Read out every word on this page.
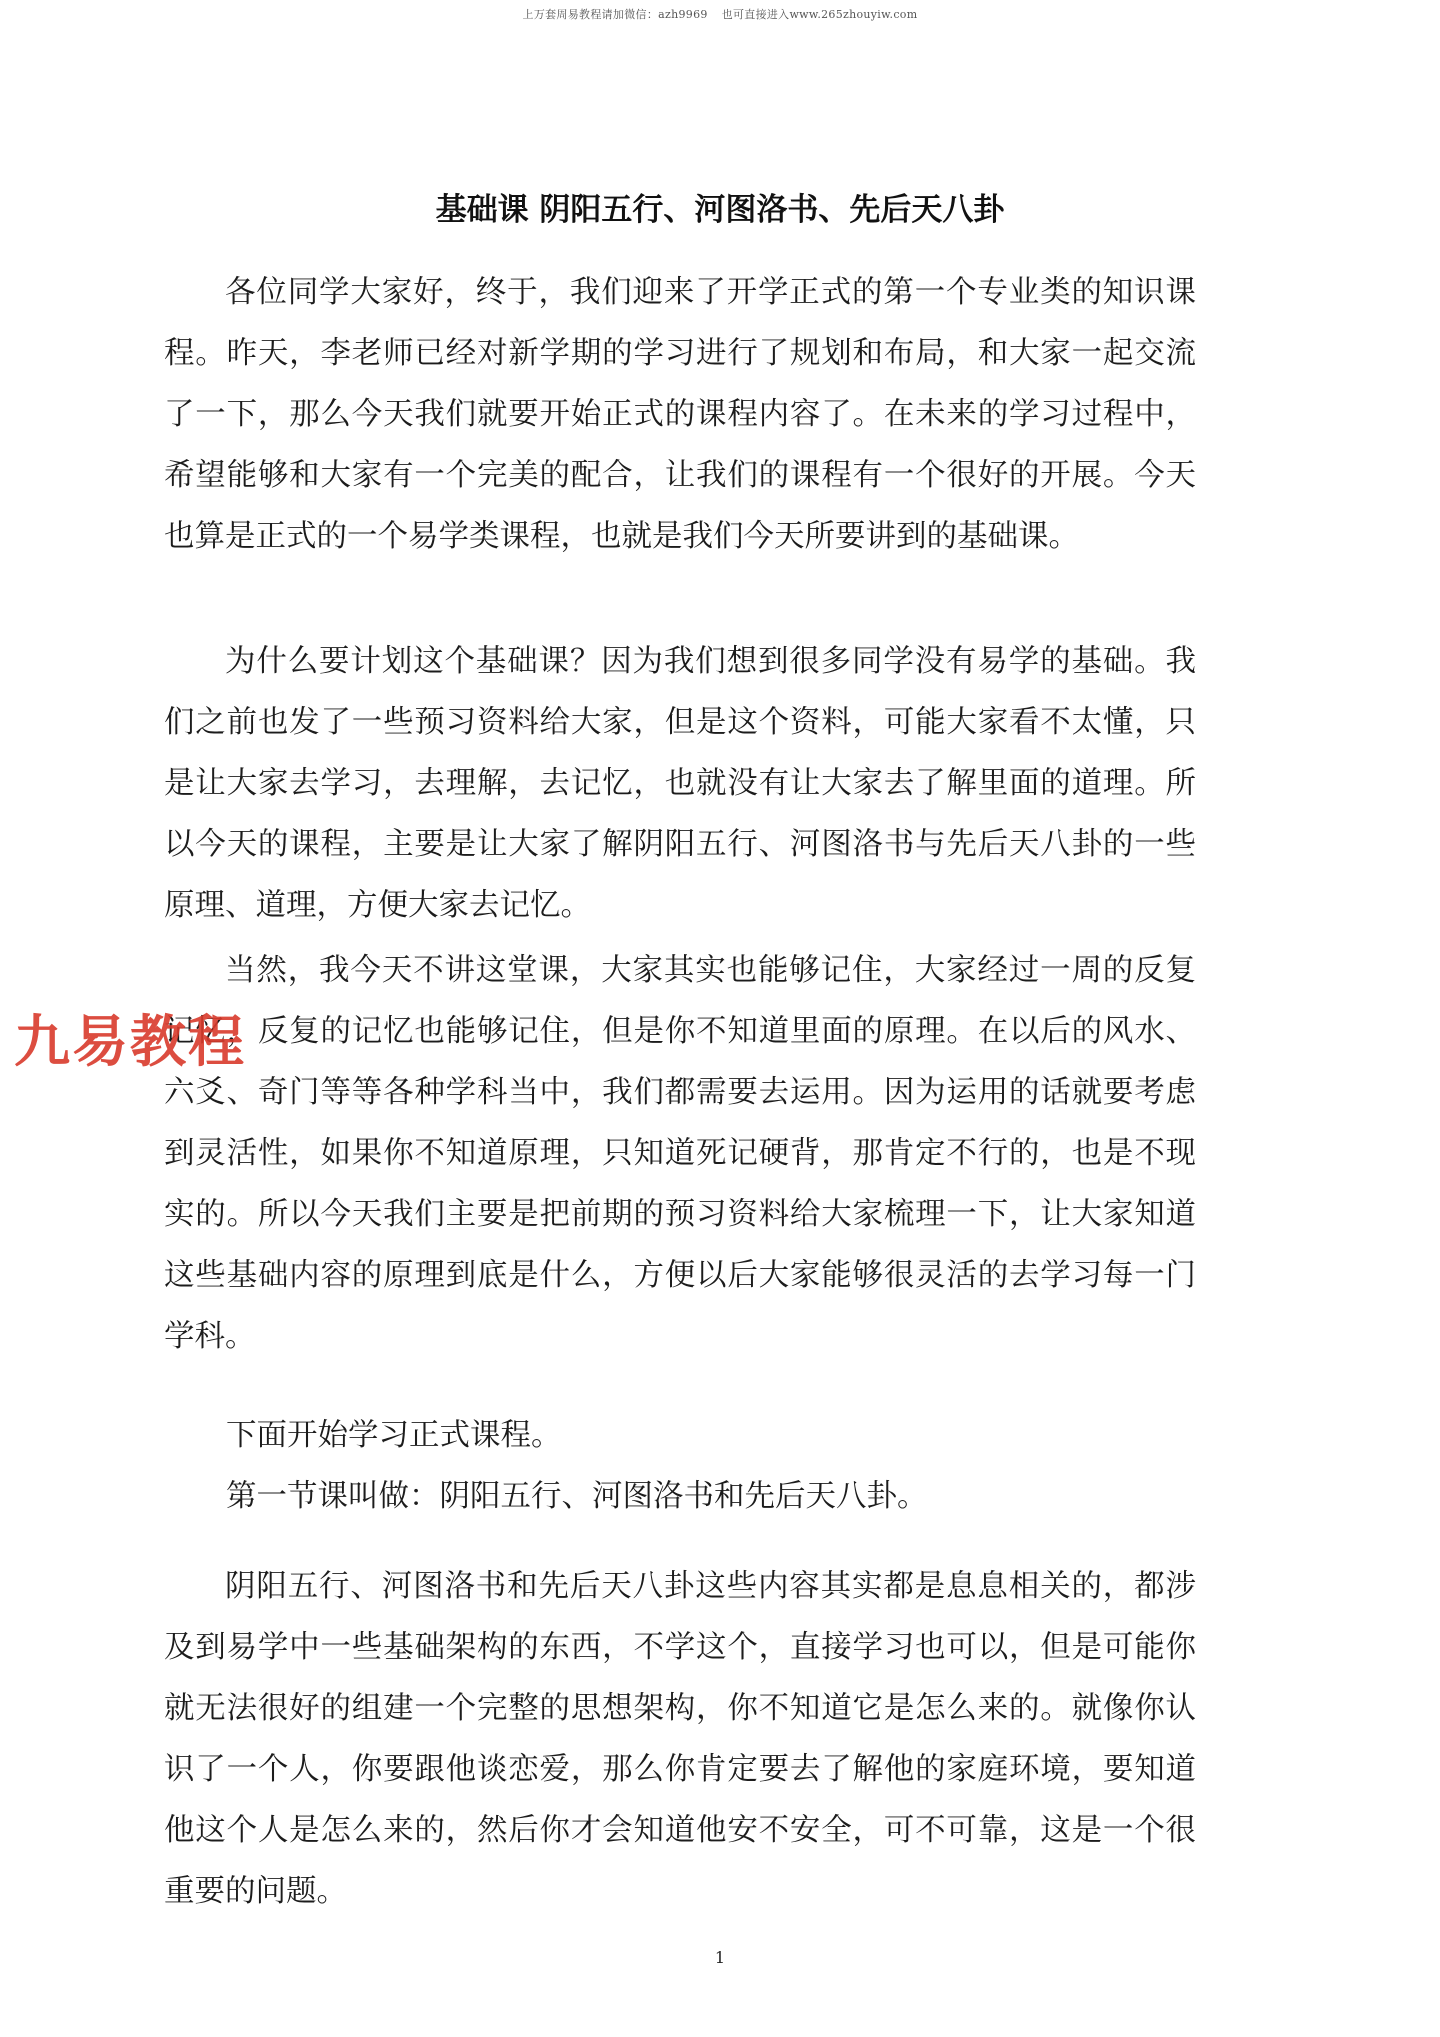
上万套周易教程请加微信：azh9969 也可直接进入www.265zhouyiw.com
基础课 阴阳五行、河图洛书、先后天八卦

各位同学大家好，终于，我们迎来了开学正式的第一个专业类的知识课程。昨天，李老师已经对新学期的学习进行了规划和布局，和大家一起交流了一下，那么今天我们就要开始正式的课程内容了。在未来的学习过程中，希望能够和大家有一个完美的配合，让我们的课程有一个很好的开展。今天也算是正式的一个易学类课程，也就是我们今天所要讲到的基础课。

为什么要计划这个基础课？因为我们想到很多同学没有易学的基础。我们之前也发了一些预习资料给大家，但是这个资料，可能大家看不太懂，只是让大家去学习，去理解，去记忆，也就没有让大家去了解里面的道理。所以今天的课程，主要是让大家了解阴阳五行、河图洛书与先后天八卦的一些原理、道理，方便大家去记忆。

当然，我今天不讲这堂课，大家其实也能够记住，大家经过一周的反复记忆，反复的记忆也能够记住，但是你不知道里面的原理。在以后的风水、六爻、奇门等等各种学科当中，我们都需要去运用。因为运用的话就要考虑到灵活性，如果你不知道原理，只知道死记硬背，那肯定不行的，也是不现实的。所以今天我们主要是把前期的预习资料给大家梳理一下，让大家知道这些基础内容的原理到底是什么，方便以后大家能够很灵活的去学习每一门学科。

下面开始学习正式课程。

第一节课叫做：阴阳五行、河图洛书和先后天八卦。

阴阳五行、河图洛书和先后天八卦这些内容其实都是息息相关的，都涉及到易学中一些基础架构的东西，不学这个，直接学习也可以，但是可能你就无法很好的组建一个完整的思想架构，你不知道它是怎么来的。就像你认识了一个人，你要跟他谈恋爱，那么你肯定要去了解他的家庭环境，要知道他这个人是怎么来的，然后你才会知道他安不安全，可不可靠，这是一个很重要的问题。

九易教程
1
